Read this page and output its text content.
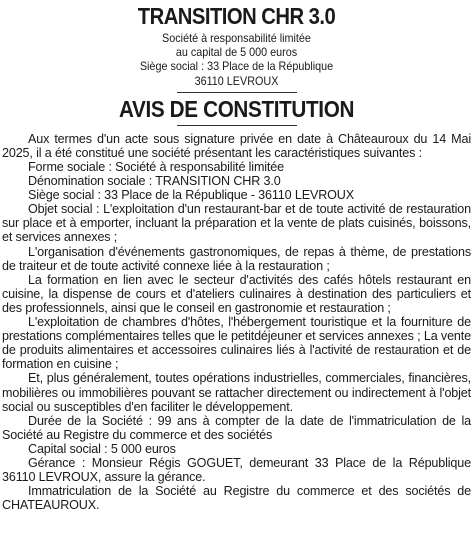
TRANSITION CHR 3.0
Société à responsabilité limitée
au capital de 5 000 euros
Siège social : 33 Place de la République
36110 LEVROUX
AVIS DE CONSTITUTION

Aux termes d'un acte sous signature privée en date à Châteauroux du 14 Mai 2025, il a été constitué une société présentant les caractéristiques suivantes :

Forme sociale : Société à responsabilité limitée

Dénomination sociale : TRANSITION CHR 3.0

Siège social : 33 Place de la République - 36110 LEVROUX

Objet social : L'exploitation d'un restaurant-bar et de toute activité de restauration sur place et à emporter, incluant la préparation et la vente de plats cuisinés, boissons, et services annexes ;

L'organisation d'événements gastronomiques, de repas à thème, de prestations de traiteur et de toute activité connexe liée à la restauration ;

La formation en lien avec le secteur d'activités des cafés hôtels restaurant en cuisine, la dispense de cours et d'ateliers culinaires à destination des particuliers et des professionnels, ainsi que le conseil en gastronomie et restauration ;

L'exploitation de chambres d'hôtes, l'hébergement touristique et la fourniture de prestations complémentaires telles que le petitdéjeuner et services annexes ; La vente de produits alimentaires et accessoires culinaires liés à l'activité de restauration et de formation en cuisine ;

Et, plus généralement, toutes opérations industrielles, commerciales, financières, mobilières ou immobilières pouvant se rattacher directement ou indirectement à l'objet social ou susceptibles d'en faciliter le développement.

Durée de la Société : 99 ans à compter de la date de l'immatriculation de la Société au Registre du commerce et des sociétés

Capital social : 5 000 euros

Gérance : Monsieur Régis GOGUET, demeurant 33 Place de la République 36110 LEVROUX, assure la gérance.

Immatriculation de la Société au Registre du commerce et des sociétés de CHATEAUROUX.
